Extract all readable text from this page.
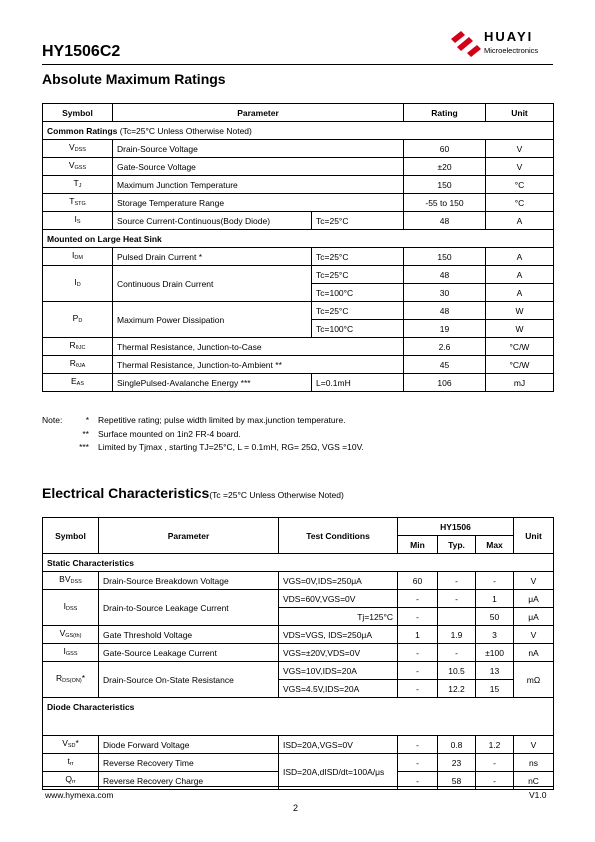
HY1506C2
HUAYI
Microelectronics
Absolute Maximum Ratings
Symbol	Parameter		Rating	Unit
Common Ratings (Tc=25°C Unless Otherwise Noted)				
$V_{DSS}$	Drain-Source Voltage		60	V
$V_{GSS}$	Gate-Source Voltage		±20	V
$T_J$	Maximum Junction Temperature		150	°C
$T_{STG}$	Storage Temperature Range		-55 to 150	°C
$I_S$	Source Current-Continuous(Body Diode)	Tc=25°C	48	A
Mounted on Large Heat Sink				
$I_{DM}$	Pulsed Drain Current *	Tc=25°C	150	A
$I_D$	Continuous Drain Current	Tc=25°C	48	A
		Tc=100°C	30	A
$P_D$	Maximum Power Dissipation	Tc=25°C	48	W
		Tc=100°C	19	W
$R_{\theta JC}$	Thermal Resistance, Junction-to-Case		2.6	°C/W
$R_{\theta JA}$	Thermal Resistance, Junction-to-Ambient **		45	°C/W
$E_{AS}$	SinglePulsed-Avalanche Energy ***	L=0.1mH	106	mJ
Note:	* Repetitive rating; pulse width limited by max.junction temperature.
** Surface mounted on 1in2 FR-4 board.
*** Limited by Tjmax , starting TJ=25°C, L = 0.1mH, RG= 25Ω, VGS =10V.
Electrical Characteristics(Tc =25°C Unless Otherwise Noted)
Symbol	Parameter	Test Conditions	HY1506			Unit
			Min	Typ.	Max	
Static Characteristics						
$BV_{DSS}$	Drain-Source Breakdown Voltage	VGS=0V,IDS=250μA	60	-	-	V
$I_{DSS}$	Drain-to-Source Leakage Current	VDS=60V,VGS=0V	-	-	1	μA
		Tj=125°C	-		50	μA
$V_{GS(th)}$	Gate Threshold Voltage	VDS=VGS, IDS=250μA	1	1.9	3	V
$I_{GSS}$	Gate-Source Leakage Current	VGS=±20V,VDS=0V	-	-	±100	nA
$R_{DS(ON)}*$	Drain-Source On-State Resistance	VGS=10V,IDS=20A	-	10.5	13	mΩ
		VGS=4.5V,IDS=20A	-	12.2	15	
Diode Characteristics						
$V_{SD}*$	Diode Forward Voltage	ISD=20A,VGS=0V	-	0.8	1.2	V
$t_{rr}$	Reverse Recovery Time	ISD=20A,dISD/dt=100A/μs	-	23	-	ns
$Q_{rr}$	Reverse Recovery Charge		-	58	-	nC
www.hymexa.com	V1.0
2
